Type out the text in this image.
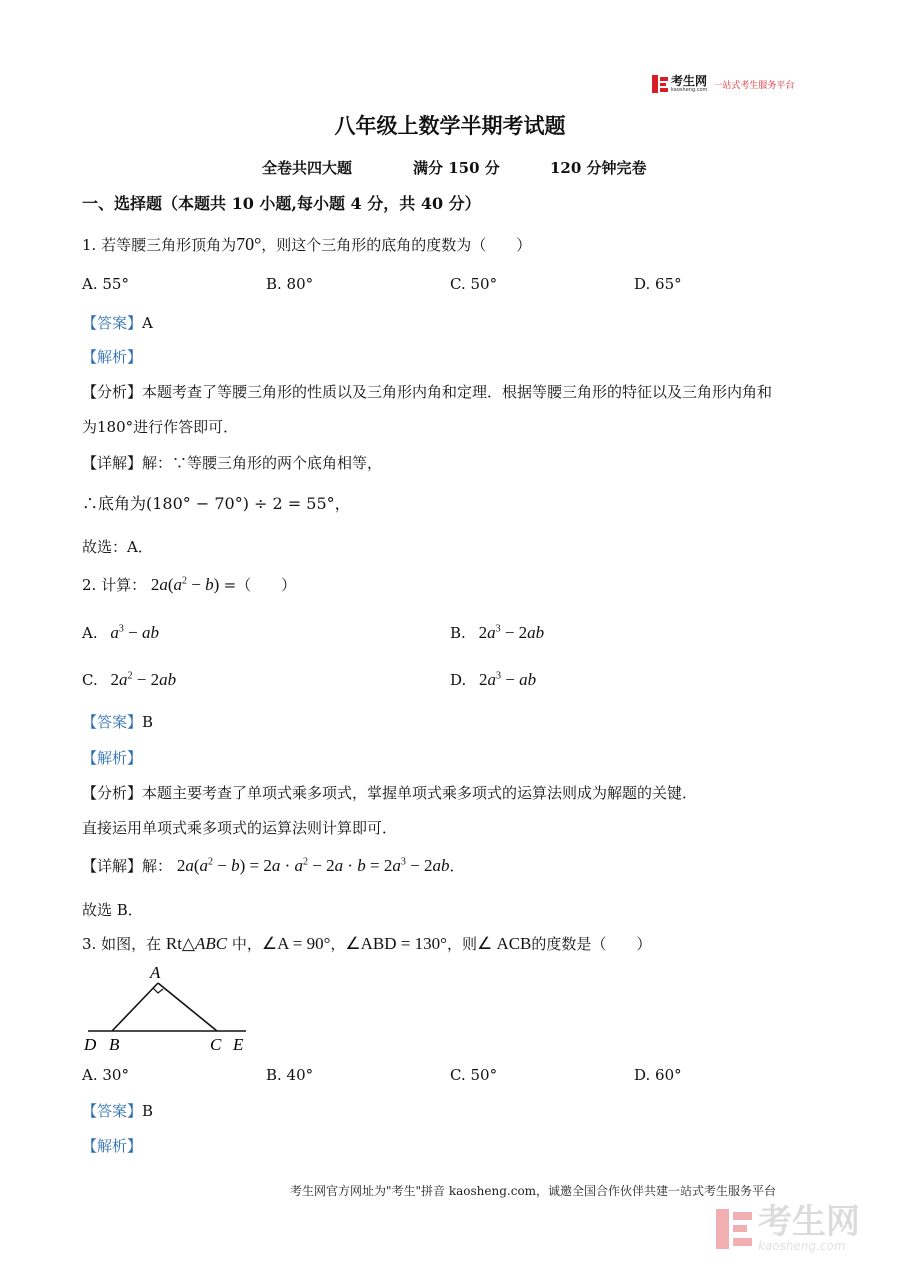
考生网
kaosheng.com 一站式考生服务平台
八年级上数学半期考试题
全卷共四大题	满分 150 分	120 分钟完卷
一、选择题（本题共 10 小题,每小题 4 分，共 40 分）
1. 若等腰三角形顶角为70°，则这个三角形的底角的度数为（　　）
A. 55°	B. 80°	C. 50°	D. 65°
【答案】A
【解析】
【分析】本题考查了等腰三角形的性质以及三角形内角和定理．根据等腰三角形的特征以及三角形内角和
为180°进行作答即可．
【详解】解：∵等腰三角形的两个底角相等，
∴底角为(180° − 70°) ÷ 2 = 55°，
故选：A．
2. 计算： $2a(a^2 - b)$ =（　　）
A. $a^3$ − ab	B. $2a^3 - 2ab$
C. $2a^2 - 2ab$	D. $2a^3$ − ab
【答案】B
【解析】
【分析】本题主要考查了单项式乘多项式，掌握单项式乘多项式的运算法则成为解题的关键．
直接运用单项式乘多项式的运算法则计算即可．
【详解】解： $2a(a^2 - b) = 2a \cdot a^2 - 2a \cdot b = 2a^3 - 2ab$．
故选 B．
3. 如图，在 Rt△ABC 中，∠A = 90°，∠ABD = 130°，则∠ ACB的度数是（　　）
A
D B	C E
A. 30°	B. 40°	C. 50°	D. 60°
【答案】B
【解析】
考生网官方网址为"考生"拼音 kaosheng.com，诚邀全国合作伙伴共建一站式考生服务平台
考生网
kaosheng.com
